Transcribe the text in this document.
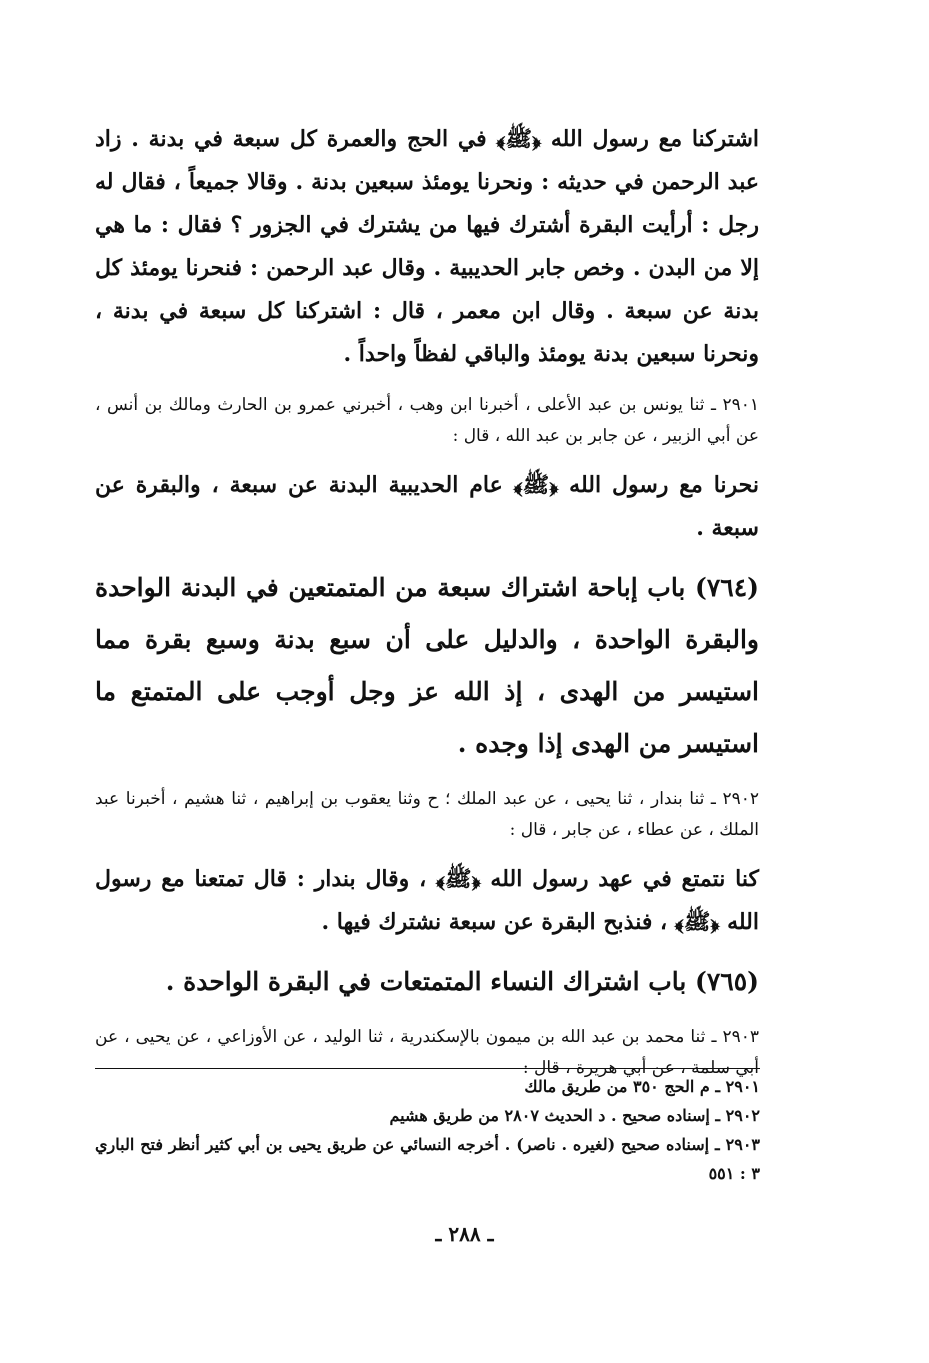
اشتركنا مع رسول الله ﴿ﷺ﴾ في الحج والعمرة كل سبعة في بدنة . زاد عبد الرحمن في حديثه : ونحرنا يومئذ سبعين بدنة . وقالا جميعاً ، فقال له رجل : أرأيت البقرة أشترك فيها من يشترك في الجزور ؟ فقال : ما هي إلا من البدن . وخص جابر الحديبية . وقال عبد الرحمن : فنحرنا يومئذ كل بدنة عن سبعة . وقال ابن معمر ، قال : اشتركنا كل سبعة في بدنة ، ونحرنا سبعين بدنة يومئذ والباقي لفظاً واحداً .

٢٩٠١ ـ ثنا يونس بن عبد الأعلى ، أخبرنا ابن وهب ، أخبرني عمرو بن الحارث ومالك بن أنس ، عن أبي الزبير ، عن جابر بن عبد الله ، قال :

نحرنا مع رسول الله ﴿ﷺ﴾ عام الحديبية البدنة عن سبعة ، والبقرة عن سبعة .

(٧٦٤) باب إباحة اشتراك سبعة من المتمتعين في البدنة الواحدة والبقرة الواحدة ، والدليل على أن سبع بدنة وسبع بقرة مما استيسر من الهدى ، إذ الله عز وجل أوجب على المتمتع ما استيسر من الهدى إذا وجده .

٢٩٠٢ ـ ثنا بندار ، ثنا يحيى ، عن عبد الملك ؛ ح وثنا يعقوب بن إبراهيم ، ثنا هشيم ، أخبرنا عبد الملك ، عن عطاء ، عن جابر ، قال :

كنا نتمتع في عهد رسول الله ﴿ﷺ﴾ ، وقال بندار : قال تمتعنا مع رسول الله ﴿ﷺ﴾ ، فنذبح البقرة عن سبعة نشترك فيها .

(٧٦٥) باب اشتراك النساء المتمتعات في البقرة الواحدة .

٢٩٠٣ ـ ثنا محمد بن عبد الله بن ميمون بالإسكندرية ، ثنا الوليد ، عن الأوزاعي ، عن يحيى ، عن أبي سلمة ، عن أبي هريرة ، قال :

٢٩٠١ ـ م الحج ٣٥٠ من طريق مالك

٢٩٠٢ ـ إسناده صحيح . د الحديث ٢٨٠٧ من طريق هشيم

٢٩٠٣ ـ إسناده صحيح (لغيره . ناصر) . أخرجه النسائي عن طريق يحيى بن أبي كثير أنظر فتح الباري ٣ : ٥٥١

ـ ٢٨٨ ـ
